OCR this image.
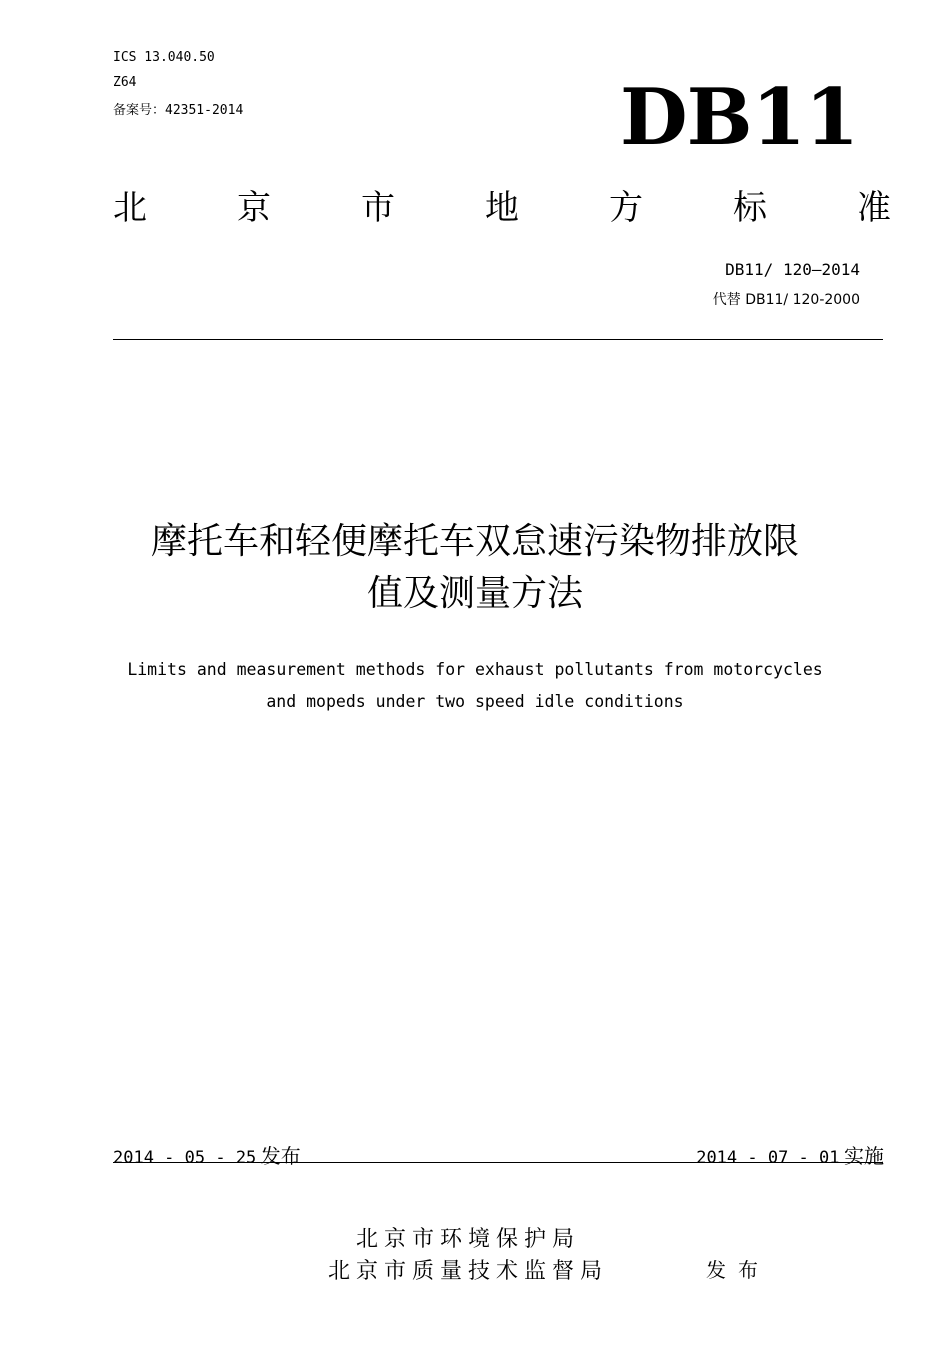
ICS 13.040.50
Z64
备案号：42351-2014	DB11
北	京	市	地	方	标	准
DB11/ 120—2014
代替 DB11/ 120-2000
摩托车和轻便摩托车双怠速污染物排放限
值及测量方法
Limits and measurement methods for exhaust pollutants from motorcycles
and mopeds under two speed idle conditions
2014 - 05 - 25 发布	2014 - 07 - 01 实施
北京市环境保护局
北京市质量技术监督局	发布
